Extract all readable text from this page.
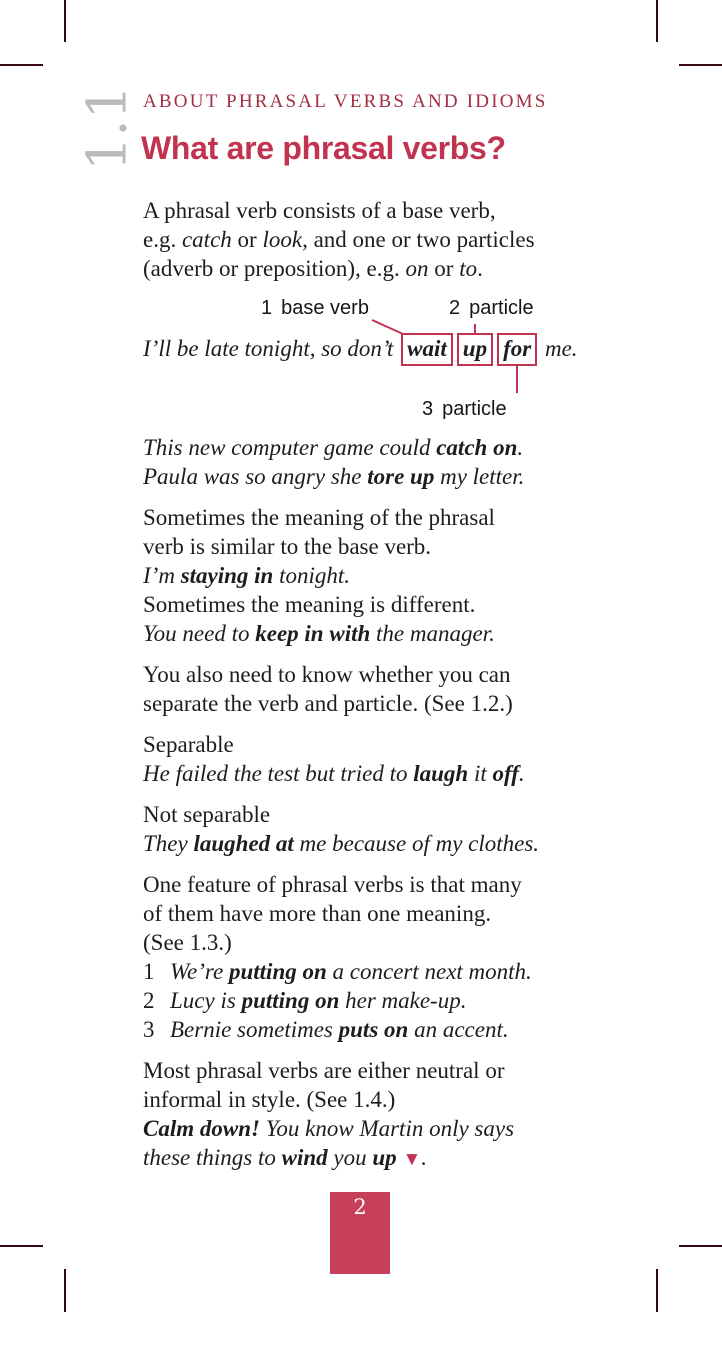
1.1 ABOUT PHRASAL VERBS AND IDIOMS
What are phrasal verbs?
A phrasal verb consists of a base verb,
e.g. catch or look, and one or two particles
(adverb or preposition), e.g. on or to.
1 base verb	2 particle
I’ll be late tonight, so don’t wait up for me.
3 particle
This new computer game could catch on.
Paula was so angry she tore up my letter.
Sometimes the meaning of the phrasal
verb is similar to the base verb.
I’m staying in tonight.
Sometimes the meaning is different.
You need to keep in with the manager.
You also need to know whether you can
separate the verb and particle. (See 1.2.)
Separable
He failed the test but tried to laugh it off.
Not separable
They laughed at me because of my clothes.
One feature of phrasal verbs is that many
of them have more than one meaning.
(See 1.3.)
1 We’re putting on a concert next month.
2 Lucy is putting on her make-up.
3 Bernie sometimes puts on an accent.
Most phrasal verbs are either neutral or
informal in style. (See 1.4.)
Calm down! You know Martin only says
these things to wind you up ▼.
2
